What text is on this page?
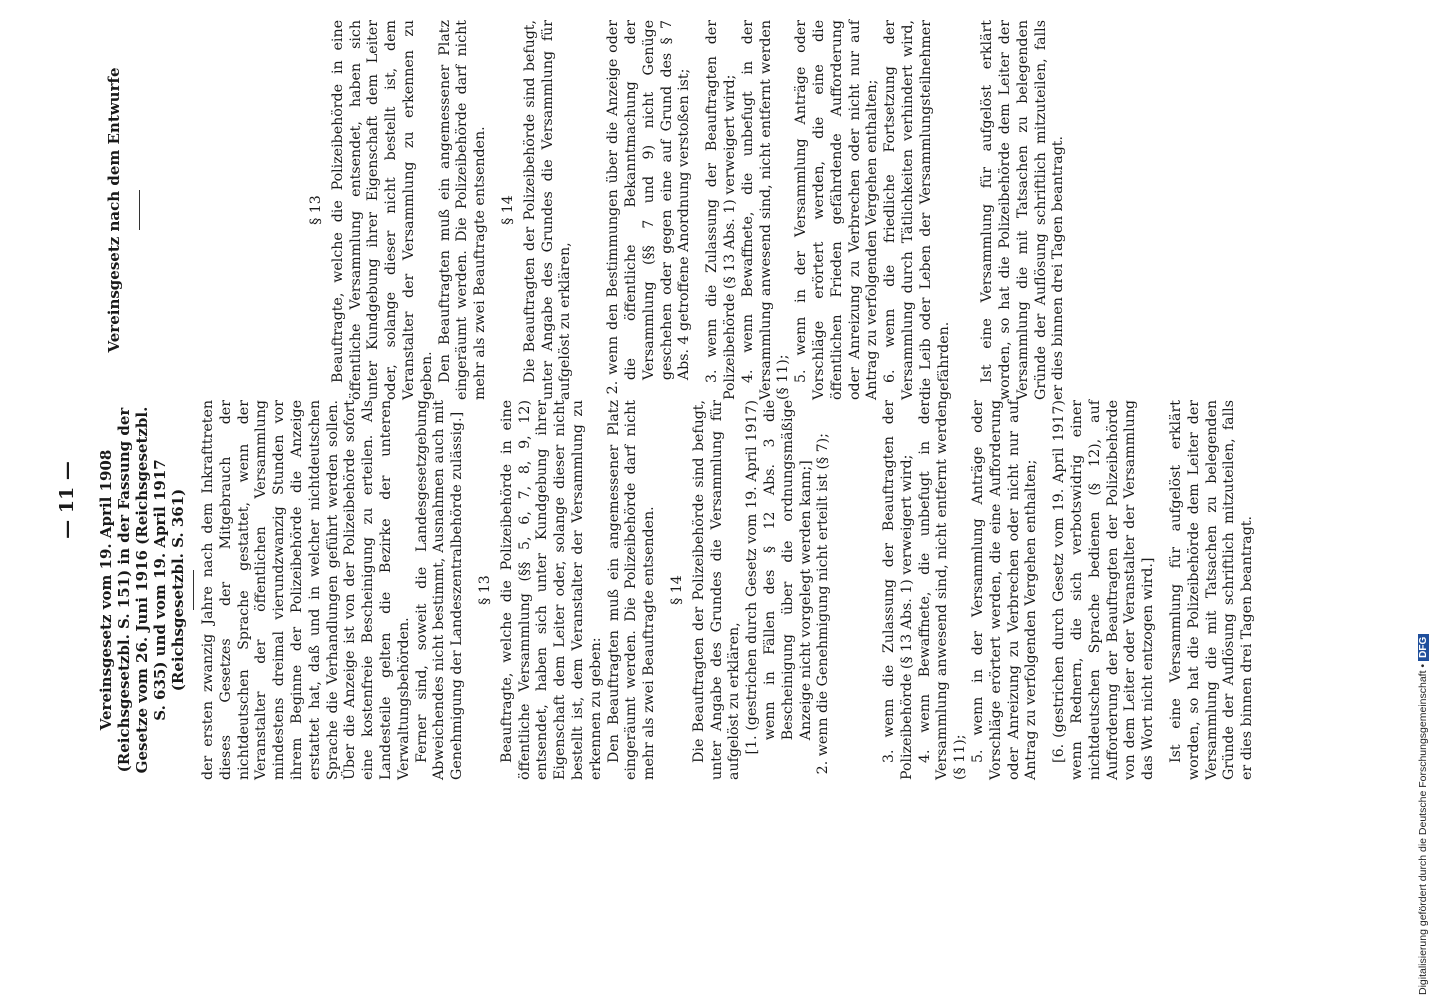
— 11 — Vereinsgesetz vom 19. April 1908 (Reichsgesetzbl. S. 151) in der Fassung der Gesetze vom 26. Juni 1916 (Reichsgesetzbl. S. 635) und vom 19. April 1917 (Reichsgesetzbl. S. 361) der ersten zwanzig Jahre nach dem Inkrafttreten dieses Gesetzes der Mitgebrauch der nichtdeutschen Sprache gestattet, wenn der Veranstalter der öffentlichen Versammlung mindestens dreimal vierundzwanzig Stunden vor ihrem Beginne der Polizeibehörde die Anzeige erstattet hat, daß und in welcher nichtdeutschen Sprache die Verhandlungen geführt werden sollen. Über die Anzeige ist von der Polizeibehörde sofort eine kostenfreie Bescheinigung zu erteilen. Als Landesteile gelten die Bezirke der unteren Verwaltungsbehörden. Ferner sind, soweit die Landesgesetzgebung Abweichendes nicht bestimmt, Ausnahmen auch mit Genehmigung der Landeszentralbehörde zulässig.] § 13 Beauftragte, welche die Polizeibehörde in eine öffentliche Versammlung (§§ 5, 6, 7, 8, 9, 12) entsendet, haben sich unter Kundgebung ihrer Eigenschaft dem Leiter oder, solange dieser nicht bestellt ist, dem Veranstalter der Versammlung zu erkennen zu geben: Den Beauftragten muß ein angemessener Platz eingeräumt werden. Die Polizeibehörde darf nicht mehr als zwei Beauftragte entsenden. § 14 Die Beauftragten der Polizeibehörde sind befugt, unter Angabe des Grundes die Versammlung für aufgelöst zu erklären, [1. (gestrichen durch Gesetz vom 19. April 1917) wenn in Fällen des § 12 Abs. 3 die Bescheinigung über die ordnungsmäßige Anzeige nicht vorgelegt werden kann;] 2. wenn die Genehmigung nicht erteilt ist (§ 7);	3. wenn die Zulassung der Beauftragten der Polizeibehörde (§ 13 Abs. 1) verweigert wird; 4. wenn Bewaffnete, die unbefugt in der Versammlung anwesend sind, nicht entfernt werden (§ 11); 5. wenn in der Versammlung Anträge oder Vorschläge erörtert werden, die eine Aufforderung oder Anreizung zu Verbrechen oder nicht nur auf Antrag zu verfolgenden Vergehen enthalten; [6. (gestrichen durch Gesetz vom 19. April 1917) wenn Rednern, die sich verbotswidrig einer nichtdeutschen Sprache bedienen (§ 12), auf Aufforderung der Beauftragten der Polizeibehörde von dem Leiter oder Veranstalter der Versammlung das Wort nicht entzogen wird.] Ist eine Versammlung für aufgelöst erklärt worden, so hat die Polizeibehörde dem Leiter der Versammlung die mit Tatsachen zu belegenden Gründe der Auflösung schriftlich mitzuteilen, falls er dies binnen drei Tagen beantragt.

Vereinsgesetz nach dem Entwurfe	§ 13 Beauftragte, welche die Polizeibehörde in eine öffentliche Versammlung entsendet, haben sich unter Kundgebung ihrer Eigenschaft dem Leiter oder, solange dieser nicht bestellt ist, dem Veranstalter der Versammlung zu erkennen zu geben. Den Beauftragten muß ein angemessener Platz eingeräumt werden. Die Polizeibehörde darf nicht mehr als zwei Beauftragte entsenden. § 14 Die Beauftragten der Polizeibehörde sind befugt, unter Angabe des Grundes die Versammlung für aufgelöst zu erklären, 2. wenn den Bestimmungen über die Anzeige oder die öffentliche Bekanntmachung der Versammlung (§§ 7 und 9) nicht Genüge geschehen oder gegen eine auf Grund des § 7 Abs. 4 getroffene Anordnung verstoßen ist; 3. wenn die Zulassung der Beauftragten der Polizeibehörde (§ 13 Abs. 1) verweigert wird; 4. wenn Bewaffnete, die unbefugt in der Versammlung anwesend sind, nicht entfernt werden (§ 11); 5. wenn in der Versammlung Anträge oder Vorschläge erörtert werden, die eine die öffentlichen Frieden gefährdende Aufforderung oder Anreizung zu Verbrechen oder nicht nur auf Antrag zu verfolgenden Vergehen enthalten; 6. wenn die friedliche Fortsetzung der Versammlung durch Tätlichkeiten verhindert wird, die Leib oder Leben der Versammlungsteilnehmer gefährden. Ist eine Versammlung für aufgelöst erklärt worden, so hat die Polizeibehörde dem Leiter der Versammlung die mit Tatsachen zu belegenden Gründe der Auflösung schriftlich mitzuteilen, falls er dies binnen drei Tagen beantragt.

Digitalisierung gefördert durch die Deutsche Forschungsgemeinschaft •DFG
